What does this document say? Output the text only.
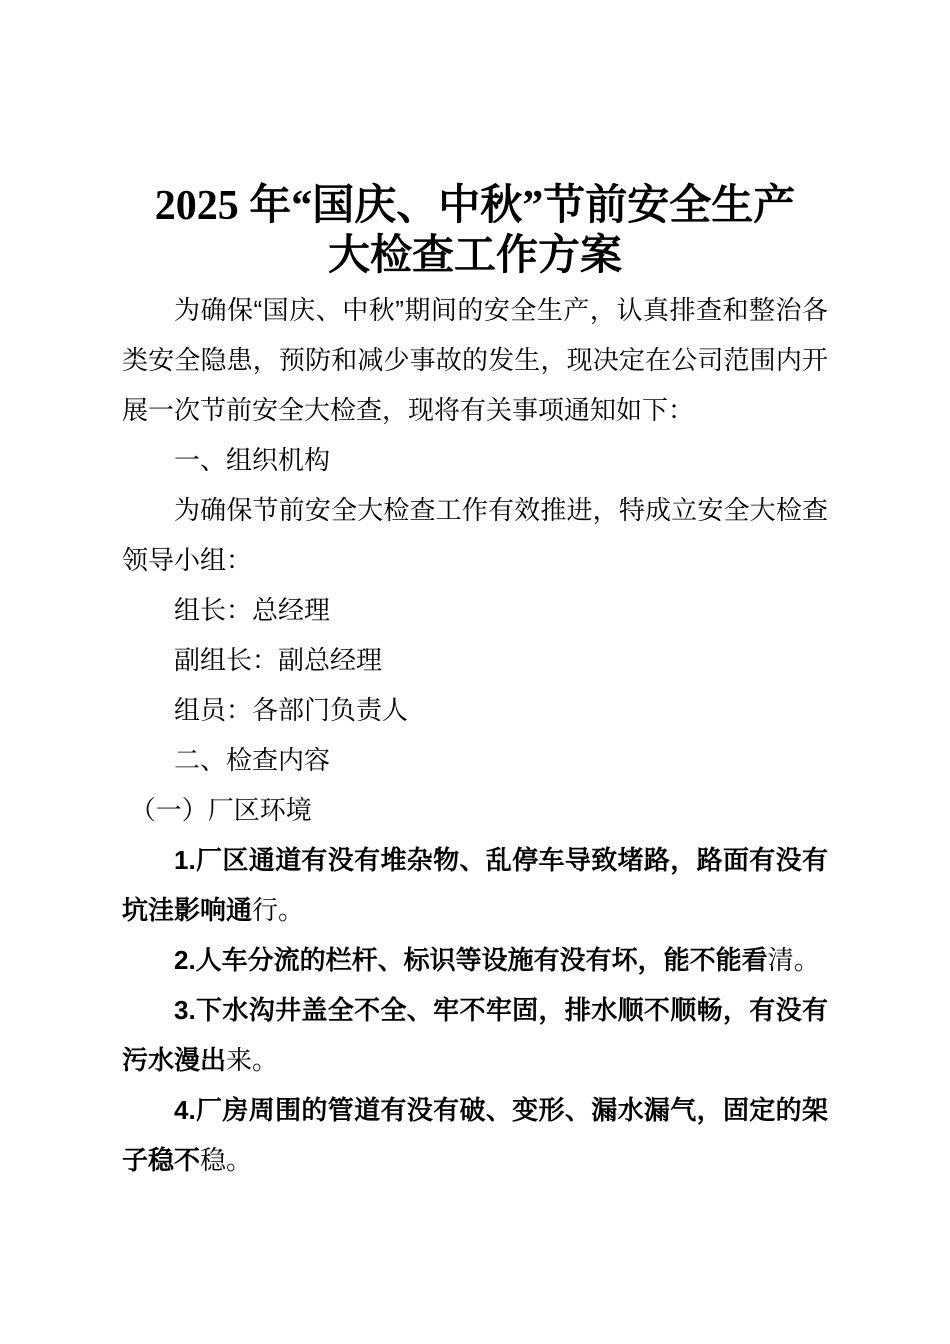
2025 年“国庆、中秋”节前安全生产
大检查工作方案

为确保“国庆、中秋”期间的安全生产，认真排查和整治各类安全隐患，预防和减少事故的发生，现决定在公司范围内开展一次节前安全大检查，现将有关事项通知如下：

一、组织机构

为确保节前安全大检查工作有效推进，特成立安全大检查领导小组：

组长：总经理

副组长：副总经理

组员：各部门负责人

二、检查内容

（一）厂区环境

1.厂区通道有没有堆杂物、乱停车导致堵路，路面有没有坑洼影响通行。

2.人车分流的栏杆、标识等设施有没有坏，能不能看清。

3.下水沟井盖全不全、牢不牢固，排水顺不顺畅，有没有污水漫出来。

4.厂房周围的管道有没有破、变形、漏水漏气，固定的架子稳不稳。
